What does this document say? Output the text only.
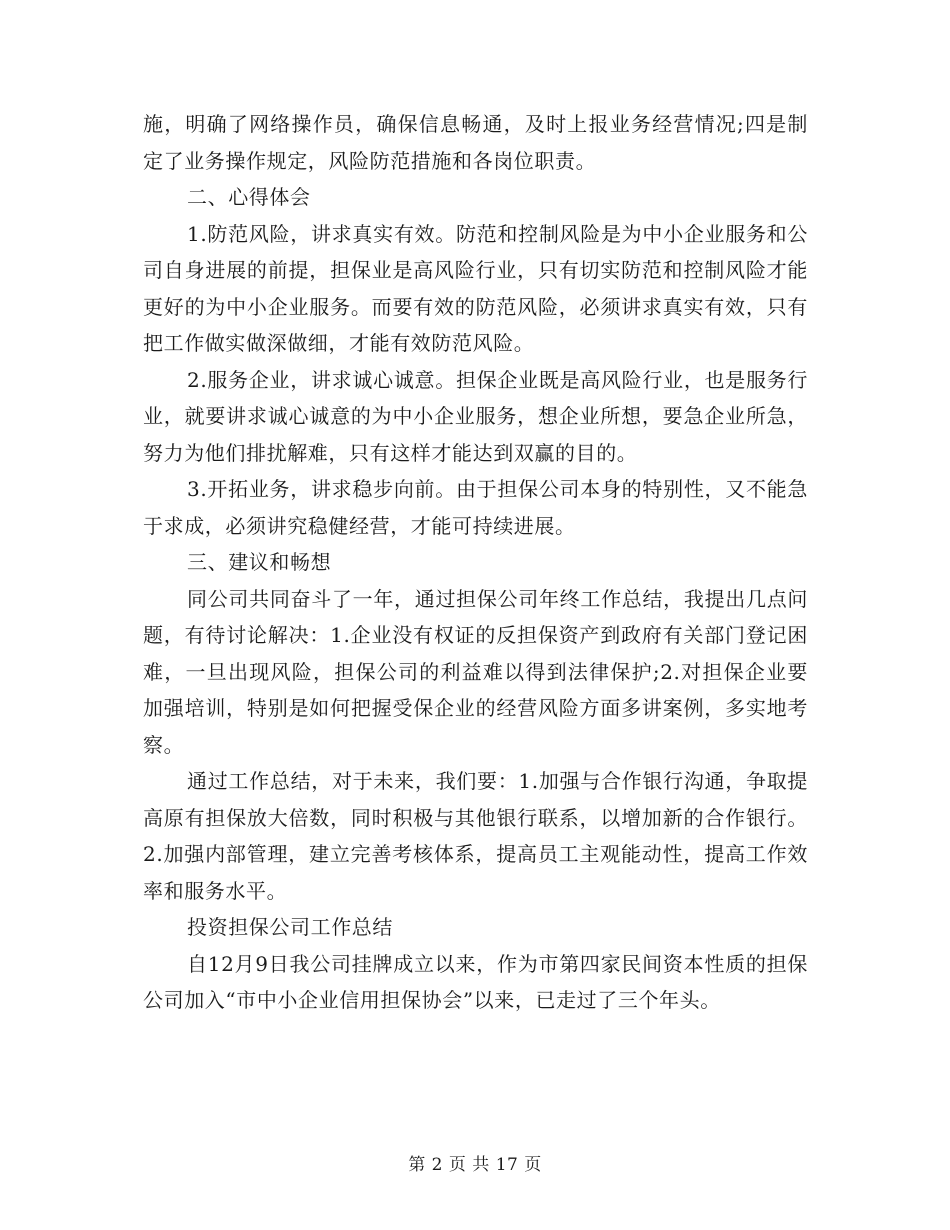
施，明确了网络操作员，确保信息畅通，及时上报业务经营情况;四是制定了业务操作规定，风险防范措施和各岗位职责。

二、心得体会

1.防范风险，讲求真实有效。防范和控制风险是为中小企业服务和公司自身进展的前提，担保业是高风险行业，只有切实防范和控制风险才能更好的为中小企业服务。而要有效的防范风险，必须讲求真实有效，只有把工作做实做深做细，才能有效防范风险。

2.服务企业，讲求诚心诚意。担保企业既是高风险行业，也是服务行业，就要讲求诚心诚意的为中小企业服务，想企业所想，要急企业所急，努力为他们排扰解难，只有这样才能达到双赢的目的。

3.开拓业务，讲求稳步向前。由于担保公司本身的特别性，又不能急于求成，必须讲究稳健经营，才能可持续进展。

三、建议和畅想

同公司共同奋斗了一年，通过担保公司年终工作总结，我提出几点问题，有待讨论解决：1.企业没有权证的反担保资产到政府有关部门登记困难，一旦出现风险，担保公司的利益难以得到法律保护;2.对担保企业要加强培训，特别是如何把握受保企业的经营风险方面多讲案例，多实地考察。

通过工作总结，对于未来，我们要：1.加强与合作银行沟通，争取提高原有担保放大倍数，同时积极与其他银行联系，以增加新的合作银行。2.加强内部管理，建立完善考核体系，提高员工主观能动性，提高工作效率和服务水平。

投资担保公司工作总结

自12月9日我公司挂牌成立以来，作为市第四家民间资本性质的担保公司加入“市中小企业信用担保协会”以来，已走过了三个年头。

第 2 页 共 17 页
